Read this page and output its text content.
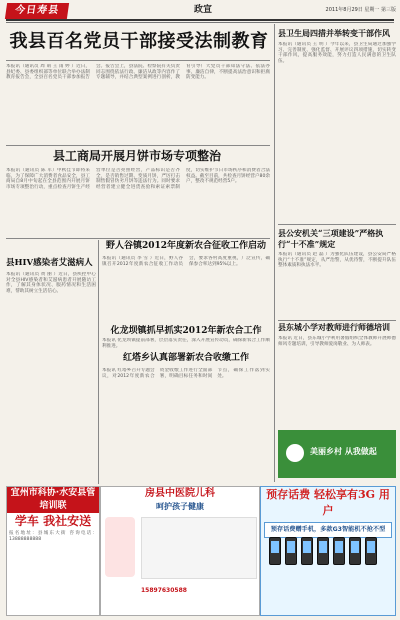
今日寿县	政宣	2011年8月29日 星期一 第三版
我县百名党员干部接受法制教育
本报讯（通讯员 周 萌 王 雨 婷 ）近日，县纪委、县委组织部等单位联合举办法制教育报告会，全县百名党员干部参加报告会。报告会上，县法院、检察院有关负责同志围绕依法行政、廉洁从政等内容作了专题辅导，并结合典型案例进行剖析，教育引导广大党员干部知法守法、依法办事、廉洁自律，不断提高法治意识和拒腐防变能力。
县工商局开展月饼市场专项整治
本报讯（通讯员 陈 军）中秋佳节即将来临，为了保障广大消费者食品安全，县工商局自8月中旬起在全县范围内开展月饼市场专项整治行动，重点检查月饼生产经营单位是否亮照经营，产品标识是否齐全，是否销售过期、变质月饼，严厉打击制售假冒伪劣月饼等违法行为。同时要求经营者建立健全进货查验和索证索票制度，切实维护节日市场秩序和消费者合法权益。截至目前，共检查月饼经营户80余户，整改不规范经营5户。
县HIV感染者艾滋病人
本报讯（通讯员 黄 丽 ）近日，县疾控中心对全县HIV感染者和艾滋病患者开展随访工作，了解其身体状况、服药情况和生活困难，帮助其树立生活信心。
野人谷镇2012年度新农合征收工作启动
本报讯（通讯员 李 雪 ）近日，野人谷镇召开2012年度新农合征收工作动员会，要求各村高度重视，广泛宣传，确保参合率达到95%以上。
化龙坝镇抓早抓实2012年新农合工作
本报讯 化龙坝镇提前部署，层层落实责任，深入开展宣传动员，确保新农合工作顺利推进。
红塔乡认真部署新农合收缴工作
本报讯 红塔乡召开专题会议，对2012年度新农合资金收缴工作进行全面部署，明确目标任务和时间节点，确保工作落到实处。
县卫生局四措并举转变干部作风
本报讯（通讯员 王 明 ）今年以来，县卫生局通过加强学习、完善制度、强化监督、开展评议四项措施，切实转变干部作风，提高服务效能，努力打造人民满意的卫生队伍。
县公安机关“三项建设”严格执行“十不准”规定
本报讯（通讯员 赵 磊 ）为强化队伍建设，县公安局严格执行“十不准”规定，从严治警，从优待警，不断提升队伍整体素质和执法水平。
县东城小学对教师进行师德培训
本报讯 近日，县东城小学利用暑假组织全体教师开展师德师风专题培训，引导教师爱岗敬业、为人师表。
美丽乡村 从我做起
宜州市科协·水安县管培训联
学车 我社安送
报名地址：县城东大街 咨询电话：13888888888
房县中医院儿科
呵护孩子健康
15897630588
预存话费 轻松享有3G 用户
预存话费赠手机，多款G3智能机不抢不型
